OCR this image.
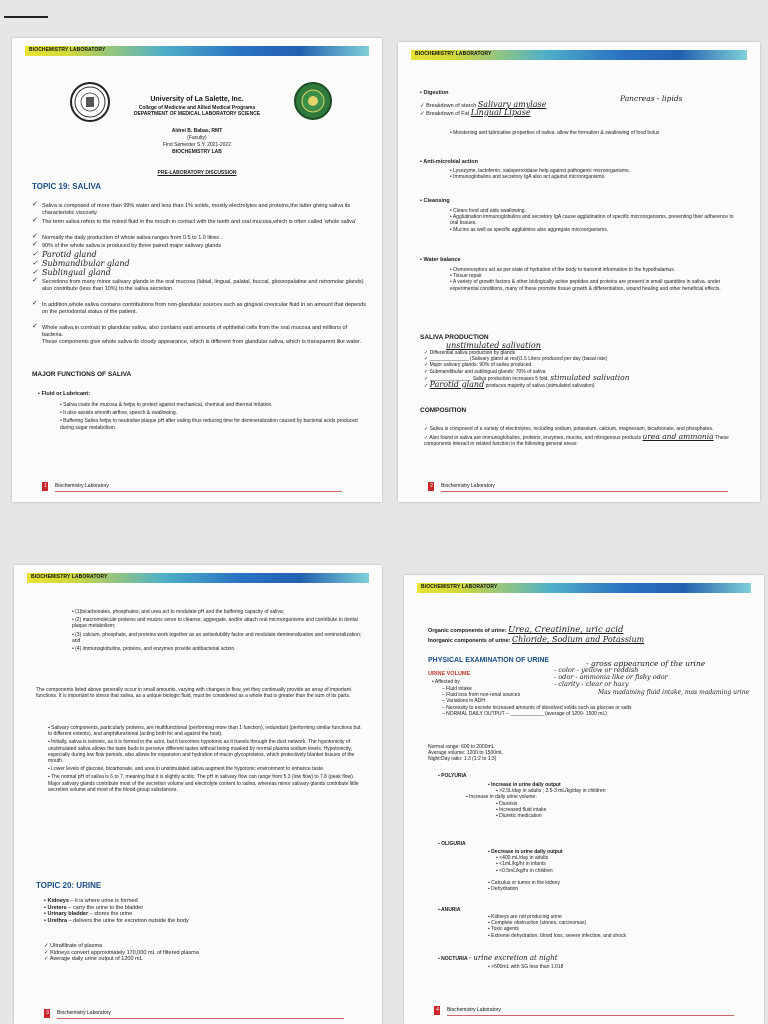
BIOCHEMISTRY LABORATORY
University of La Salette, Inc.
College of Medicine and Allied Medical Programs
DEPARTMENT OF MEDICAL LABORATORY SCIENCE
Aldrei B. Babas, RMT
(Faculty)
First Semester S.Y. 2021-2022
BIOCHEMISTRY LAB
PRE-LABORATORY DISCUSSION
TOPIC 19: SALIVA
✓ Saliva is composed of more than 99% water and less than 1% solids, mostly electrolytes and proteins,the latter giving saliva its characteristic viscosity.
✓ The term saliva refers to the mixed fluid in the mouth in contact with the teeth and oral mucosa,which is often called 'whole saliva'
✓ Normally the daily production of whole saliva ranges from 0.5 to 1.0 litres .
✓ 90% of the whole saliva is produced by three paired major salivary glands
✓ Parotid gland
✓ Submandibular gland
✓ Sublingual gland
✓ Secretions from many minor salivary glands in the oral mucosa (labial, lingual, palatal, buccal, glossopalatine and retromolar glands) also contribute (less than 10%) to the saliva secretion.
✓ In addition,whole saliva contains contributions from non-glandular sources such as gingival crevicular fluid in an amount that depends on the periodontal status of the patient.
✓ Whole saliva,in contrast to glandular saliva, also contains vast amounts of epithelial cells from the oral mucosa and millions of bacteria.
These components give whole saliva its cloudy appearance, which is different from glandular saliva, which is transparent like water.
MAJOR FUNCTIONS OF SALIVA
▪ Fluid or Lubricant:
• Saliva coats the mucosa & helps to protect against mechanical, chemical and thermal irritation.
• It also assists smooth airflow, speech & swallowing.
• Buffering Saliva helps to neutralise plaque pH after eating thus reducing time for demineralization caused by bacterial acids produced during sugar metabolism.
1 Biochemistry Laboratory
BIOCHEMISTRY LABORATORY
▪ Digestion
Pancreas - lipids
✓ Breakdown of starch Salivary amylase
✓ Breakdown of Fat Lingual Lipase
• Moistening and lubricative properties of saliva: allow the formation & swallowing of food bolus
▪ Anti-microbial action
• Lysozyme, lactoferrin, sialoperoxidase help against pathogenic microorganisms.
• Immunoglobulins and secretory IgA also act against microorganisms.
▪ Cleansing
• Clears food and aids swallowing.
• Agglutination immunoglobulins and secretory IgA cause agglutination of specific microorganisms, preventing their adherence to oral tissues.
• Mucins as well as specific agglutinins also aggregate microorganisms.
▪ Water balance
• Osmoreceptors act as per state of hydration of the body to transmit information to the hypothalamus.
• Tissue repair
• A variety of growth factors & other biologically active peptides and proteins are present in small quantities in saliva. under experimental conditions, many of these promote tissue growth & differentiation, wound healing and other beneficial effects.
SALIVA PRODUCTION
unstimulated salivation
✓ Differential saliva production by glands
✓ ______________ (Salivary gland at rest)1.5 Liters produced per day (basal rate)
✓ Major salivary glands: 90% of saliva produced
✓ Submandibular and sublingual glands: 70% of saliva
✓ _______________ Saliva production increases 5 fold. stimulated salivation
✓ Parotid gland produces majority of saliva (stimulated salivation)
COMPOSITION
✓ Saliva is composed of a variety of electrolytes, including sodium, potassium, calcium, magnesium, bicarbonate, and phosphates.
✓ Also found in saliva are immunoglobulins, proteins, enzymes, mucins, and nitrogenous products urea and ammonia These components interact in related function in the following general areas:
2 Biochemistry Laboratory
BIOCHEMISTRY LABORATORY
• (1)bicarbonates, phosphates, and urea act to modulate pH and the buffering capacity of saliva;
• (2) macromolecule proteins and mucins serve to cleanse, aggregate, and/or attach oral microorganisms and contribute to dental plaque metabolism;
• (3) calcium, phosphate, and proteins work together as an antisolubility factor and modulate demineralization and remineralization; and
• (4) immunoglobulins, proteins, and enzymes provide antibacterial action.
The components listed above generally occur in small amounts, varying with changes in flow, yet they continually provide an array of important functions. It is important to stress that saliva, as a unique biologic fluid, must be considered as a whole that is greater than the sum of its parts.
▪ Salivary components, particularly proteins, are multifunctional (performing more than 1 function), redundant (performing similar functions but to different extents), and amphifunctional (acting both for and against the host).
▪ Initially, saliva is isotonic, as it is formed in the acini, but it becomes hypotonic as it travels through the duct network. The hypotonicity of unstimulated saliva allows the taste buds to perceive different tastes without being masked by normal plasma sodium levels. Hypotonicity, especially during low flow periods, also allows for expansion and hydration of mucin glycoproteins, which protectively blanket tissues of the mouth.
▪ Lower levels of glucose, bicarbonate, and urea in unstimulated saliva augment the hypotonic environment to enhance taste.
▪ The normal pH of saliva is 6 to 7, meaning that it is slightly acidic. The pH in salivary flow can range from 5.3 (low flow) to 7.8 (peak flow). Major salivary glands contribute most of the secretion volume and electrolyte content to saliva, whereas minor salivary glands contribute little secretion volume and most of the blood-group substances.
TOPIC 20: URINE
▪ Kidneys – it is where urine is formed
▪ Ureters – carry the urine to the bladder
▪ Urinary bladder – stores the urine
▪ Urethra – delivers the urine for excretion outside the body
✓ Ultrafiltrate of plasma
✓ Kidneys convert approximately 170,000 mL of filtered plasma
✓ Average daily urine output of 1200 mL
3 Biochemistry Laboratory
BIOCHEMISTRY LABORATORY
Organic components of urine: Urea, Creatinine, uric acid
Inorganic components of urine: Chloride, Sodium and Potassium
PHYSICAL EXAMINATION OF URINE	- gross appearance of the urine
URINE VOLUME	- color - yellow or reddish
- odor - ammonia like or fishy odor
- clarity - clear or hazy
• Affected by
– Fluid intake
– Fluid loss from non-renal sources
– Variations in ADH
– Necessity to excrete increased amounts of dissolved solids such as glucose or salts
– NORMAL DAILY OUTPUT – ____________ (average of 1200- 1500 mL)
Mas madaming fluid intake, mas madaming urine
Normal range: 600 to 2000mL
Average volume: 1200 to 1500mL
Night:Day ratio: 1:3 (1:2 to 1:3)
▪ POLYURIA
▪ Increase in urine daily output
▪ >2.5L/day in adults ; 2.5-3 mL/kg/day in children
▪ Increase in daily urine volume:
▪ Diuresis
▪ Increased fluid intake
▪ Diuretic medication
▪ OLIGURIA
▪ Decrease in urine daily output
▪ <400 mL/day in adults
▪ <1mL/kg/hr in infants
▪ <0.5mL/kg/hr in children
▪ Calculus or tumor in the kidney
▪ Dehydration
▪ ANURIA
▪ Kidneys are not producing urine
▪ Complete obstruction (stones, carcinomas)
▪ Toxic agents
▪ Extreme dehydration, blood loss, severe infection, and shock
▪ NOCTURIA - urine excretion at night
▪ >500mL with SG less than 1.018
4 Biochemistry Laboratory
